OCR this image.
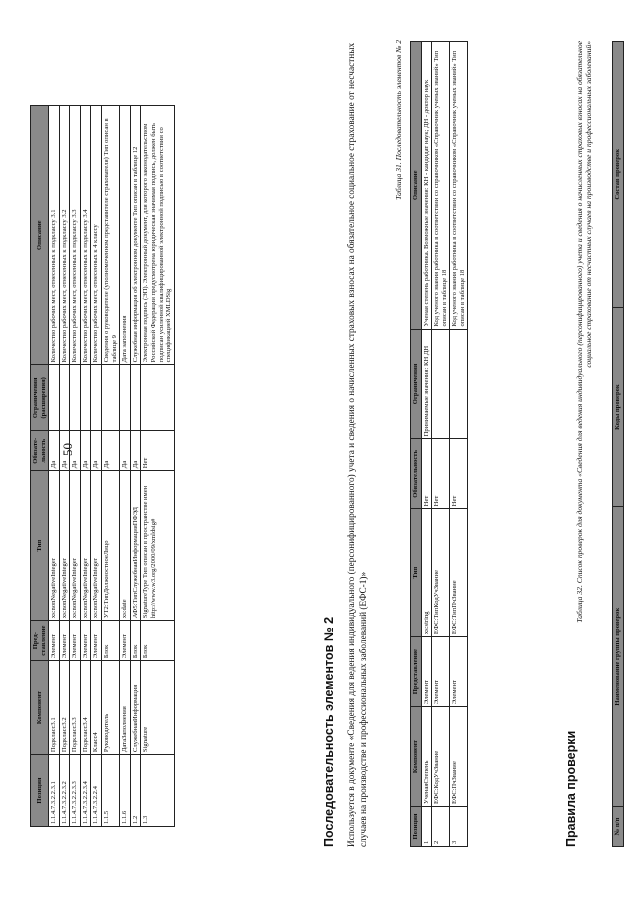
50
Позиция	Компонент	Пред-ставление	Тип	Обязате-льность	Ограничения (расширения)	Описание
1.1.4.7.3.2.2.3.1	Подкласс3.1	Элемент	xs:nonNegativeInteger	Да		Количество рабочих мест, отнесенных к подклассу 3.1
1.1.4.7.3.2.2.3.2	Подкласс3.2	Элемент	xs:nonNegativeInteger	Да		Количество рабочих мест, отнесенных к подклассу 3.2
1.1.4.7.3.2.2.3.3	Подкласс3.3	Элемент	xs:nonNegativeInteger	Да		Количество рабочих мест, отнесенных к подклассу 3.3
1.1.4.7.3.2.2.3.4	Подкласс3.4	Элемент	xs:nonNegativeInteger	Да		Количество рабочих мест, отнесенных к подклассу 3.4
1.1.4.7.3.2.2.4	Класс4	Элемент	xs:nonNegativeInteger	Да		Количество рабочих мест, отнесенных к 4 классу
1.1.5	Руководитель	Блок	УТ2:ТипДолжностноеЛицо	Да		Сведения о руководителе (уполномоченном представителе страхователя) Тип описан в таблице 9
1.1.6	ДатаЗаполнения	Элемент	xs:date	Да		Дата заполнения
1.2	СлужебнаяИнформация	Блок	АФ5:ТипСлужебнаяИнформацияПФЭД	Да		Служебная информация об электронном документе Тип описан в таблице 12
1.3	Signature	Блок	SignatureType Тип описан в пространстве имен http://www.w3.org/2000/09/xmldsig#	Нет		Электронная подпись (ЭП). Электронный документ, для которого законодательством Российской Федерации предусмотрена юридическая значимая подпись, должен быть подписан усиленной квалифицированной электронной подписью в соответствии со спецификацией XMLDSig
Последовательность элементов № 2 Используется в документе «Сведения для ведения индивидуального (персонифицированного) учета и сведения о начисленных страховых взносах на обязательное социальное страхование от несчастных случаев на производстве и профессиональных заболеваний (ЕФС-1)»
Таблица 31. Последовательность элементов № 2
Позиция	Компонент	Представление	Тип	Обязательность	Ограничения	Описание
1	УченаяСтепень	Элемент	xs:string	Нет	Принимаемые значения: КН ДН	Ученая степень работника. Возможные значения: КН - кандидат наук; ДН - доктор наук
2	ЕФС:КодУчЗвание	Элемент	ЕФС:ТипКодУчЗвание	Нет		Код ученого звания работника в соответствии со справочником «Справочник ученых званий» Тип описан в таблице 18
3	ЕФС:ПчЗвание	Элемент	ЕФС:ТипПчЗвание	Нет		Код ученого звания работника в соответствии со справочником «Справочник ученых званий» Тип описан в таблице 18
Правила проверки
Таблица 32. Список проверок для документа «Сведения для ведения индивидуального (персонифицированного) учета и сведения о начисленных страховых взносах на обязательное социальное страхование от несчастных случаев на производстве и профессиональных заболеваний»
№ п/п	Наименование группы проверок	Коды проверок	Состав проверок
